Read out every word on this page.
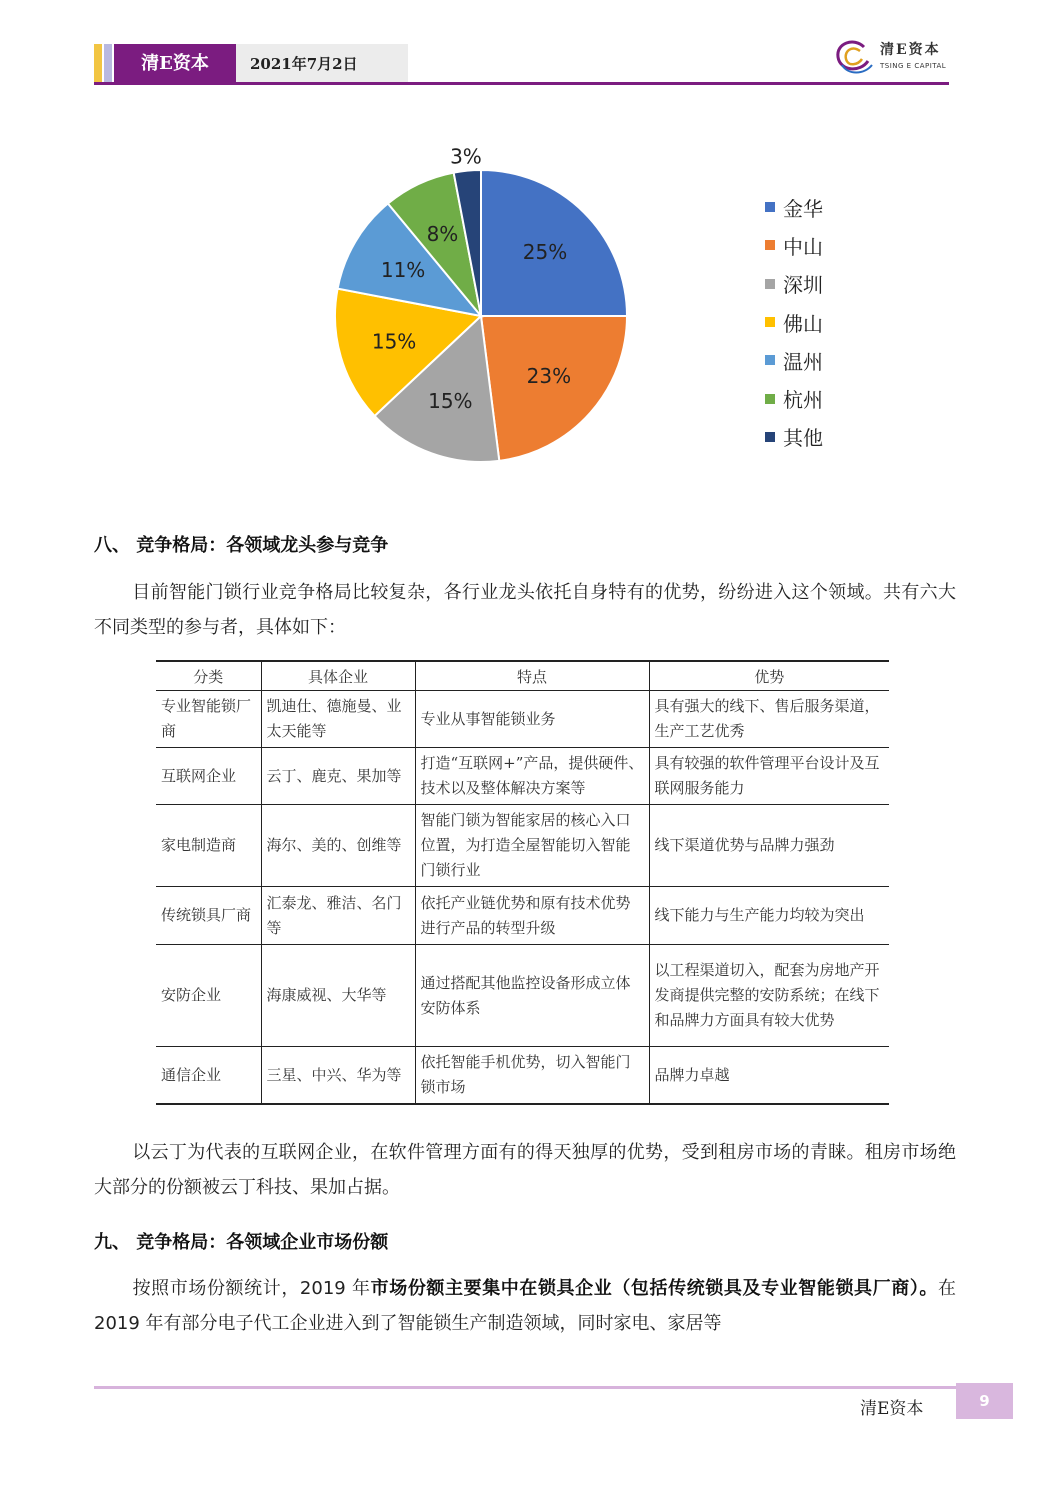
清E资本	2021年7月2日
清E资本
TSING E CAPITAL
25%
23%
15%
15%
11%
8%
3%
金华
中山
深圳
佛山
温州
杭州
其他
八、 竞争格局：各领域龙头参与竞争
目前智能门锁行业竞争格局比较复杂，各行业龙头依托自身特有的优势，纷纷进入这个领域。共有六大不同类型的参与者，具体如下：
分类	具体企业	特点	优势
专业智能锁厂商	凯迪仕、德施曼、业太天能等	专业从事智能锁业务	具有强大的线下、售后服务渠道，生产工艺优秀
互联网企业	云丁、鹿克、果加等	打造“互联网+”产品，提供硬件、技术以及整体解决方案等	具有较强的软件管理平台设计及互联网服务能力
家电制造商	海尔、美的、创维等	智能门锁为智能家居的核心入口位置，为打造全屋智能切入智能门锁行业	线下渠道优势与品牌力强劲
传统锁具厂商	汇泰龙、雅洁、名门等	依托产业链优势和原有技术优势进行产品的转型升级	线下能力与生产能力均较为突出
安防企业	海康威视、大华等	通过搭配其他监控设备形成立体安防体系	以工程渠道切入，配套为房地产开发商提供完整的安防系统；在线下和品牌力方面具有较大优势
通信企业	三星、中兴、华为等	依托智能手机优势，切入智能门锁市场	品牌力卓越
以云丁为代表的互联网企业，在软件管理方面有的得天独厚的优势，受到租房市场的青睐。租房市场绝大部分的份额被云丁科技、果加占据。
九、 竞争格局：各领域企业市场份额
按照市场份额统计，2019 年市场份额主要集中在锁具企业（包括传统锁具及专业智能锁具厂商）。在 2019 年有部分电子代工企业进入到了智能锁生产制造领域，同时家电、家居等
清E资本	9
